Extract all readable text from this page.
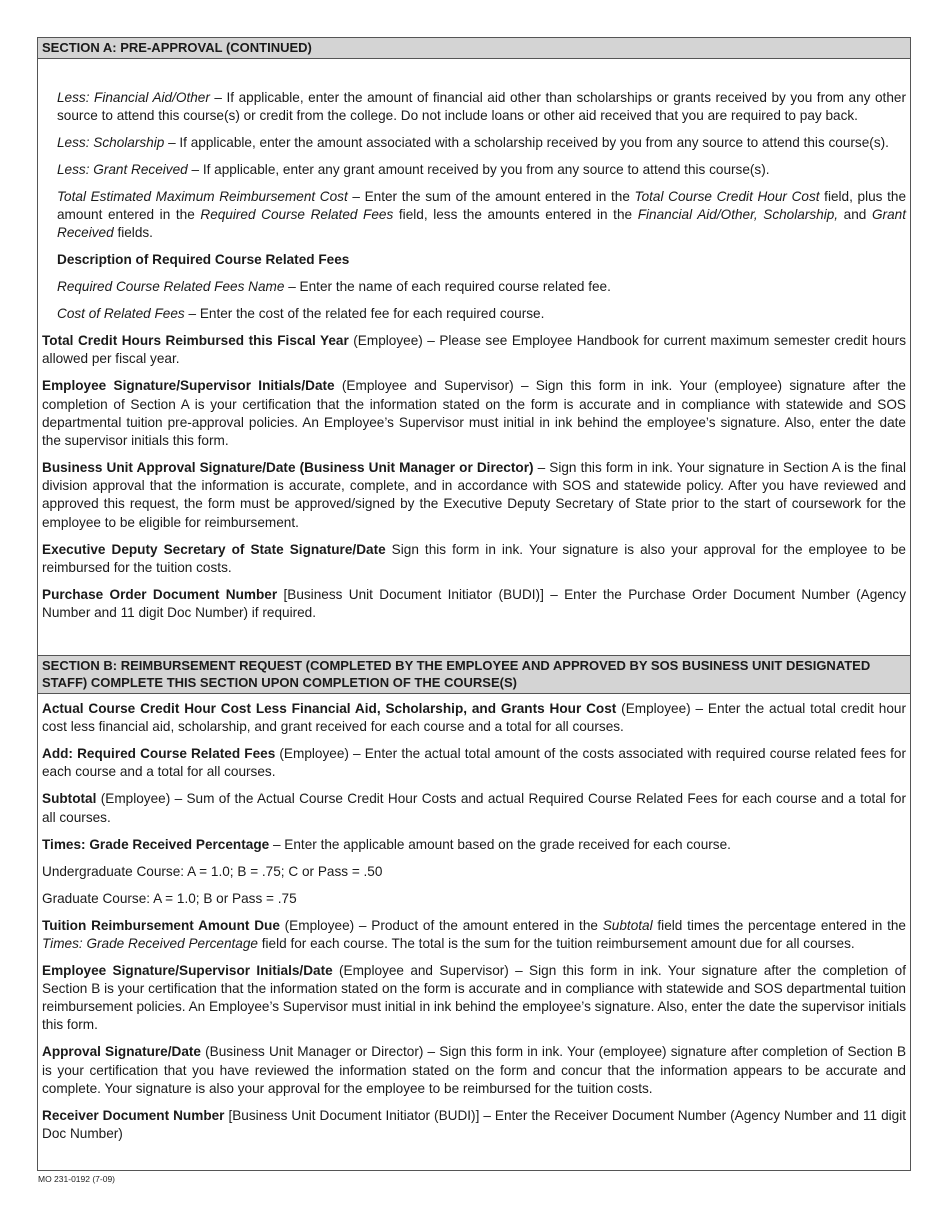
SECTION A: PRE-APPROVAL (CONTINUED)

Less: Financial Aid/Other – If applicable, enter the amount of financial aid other than scholarships or grants received by you from any other source to attend this course(s) or credit from the college. Do not include loans or other aid received that you are required to pay back.

Less: Scholarship – If applicable, enter the amount associated with a scholarship received by you from any source to attend this course(s).

Less: Grant Received – If applicable, enter any grant amount received by you from any source to attend this course(s).

Total Estimated Maximum Reimbursement Cost – Enter the sum of the amount entered in the Total Course Credit Hour Cost field, plus the amount entered in the Required Course Related Fees field, less the amounts entered in the Financial Aid/Other, Scholarship, and Grant Received fields.

Description of Required Course Related Fees

Required Course Related Fees Name – Enter the name of each required course related fee.

Cost of Related Fees – Enter the cost of the related fee for each required course.

Total Credit Hours Reimbursed this Fiscal Year (Employee) – Please see Employee Handbook for current maximum semester credit hours allowed per fiscal year.

Employee Signature/Supervisor Initials/Date (Employee and Supervisor) – Sign this form in ink. Your (employee) signature after the completion of Section A is your certification that the information stated on the form is accurate and in compliance with statewide and SOS departmental tuition pre-approval policies. An Employee’s Supervisor must initial in ink behind the employee’s signature. Also, enter the date the supervisor initials this form.

Business Unit Approval Signature/Date (Business Unit Manager or Director) – Sign this form in ink. Your signature in Section A is the final division approval that the information is accurate, complete, and in accordance with SOS and statewide policy. After you have reviewed and approved this request, the form must be approved/signed by the Executive Deputy Secretary of State prior to the start of coursework for the employee to be eligible for reimbursement.

Executive Deputy Secretary of State Signature/Date Sign this form in ink. Your signature is also your approval for the employee to be reimbursed for the tuition costs.

Purchase Order Document Number [Business Unit Document Initiator (BUDI)] – Enter the Purchase Order Document Number (Agency Number and 11 digit Doc Number) if required.

SECTION B: REIMBURSEMENT REQUEST (COMPLETED BY THE EMPLOYEE AND APPROVED BY SOS BUSINESS UNIT DESIGNATED STAFF) COMPLETE THIS SECTION UPON COMPLETION OF THE COURSE(S)

Actual Course Credit Hour Cost Less Financial Aid, Scholarship, and Grants Hour Cost (Employee) – Enter the actual total credit hour cost less financial aid, scholarship, and grant received for each course and a total for all courses.

Add: Required Course Related Fees (Employee) – Enter the actual total amount of the costs associated with required course related fees for each course and a total for all courses.

Subtotal (Employee) – Sum of the Actual Course Credit Hour Costs and actual Required Course Related Fees for each course and a total for all courses.

Times: Grade Received Percentage – Enter the applicable amount based on the grade received for each course.

Undergraduate Course: A = 1.0; B = .75; C or Pass = .50

Graduate Course: A = 1.0; B or Pass = .75

Tuition Reimbursement Amount Due (Employee) – Product of the amount entered in the Subtotal field times the percentage entered in the Times: Grade Received Percentage field for each course. The total is the sum for the tuition reimbursement amount due for all courses.

Employee Signature/Supervisor Initials/Date (Employee and Supervisor) – Sign this form in ink. Your signature after the completion of Section B is your certification that the information stated on the form is accurate and in compliance with statewide and SOS departmental tuition reimbursement policies. An Employee’s Supervisor must initial in ink behind the employee’s signature. Also, enter the date the supervisor initials this form.

Approval Signature/Date (Business Unit Manager or Director) – Sign this form in ink. Your (employee) signature after completion of Section B is your certification that you have reviewed the information stated on the form and concur that the information appears to be accurate and complete. Your signature is also your approval for the employee to be reimbursed for the tuition costs.

Receiver Document Number [Business Unit Document Initiator (BUDI)] – Enter the Receiver Document Number (Agency Number and 11 digit Doc Number)

MO 231-0192 (7-09)
